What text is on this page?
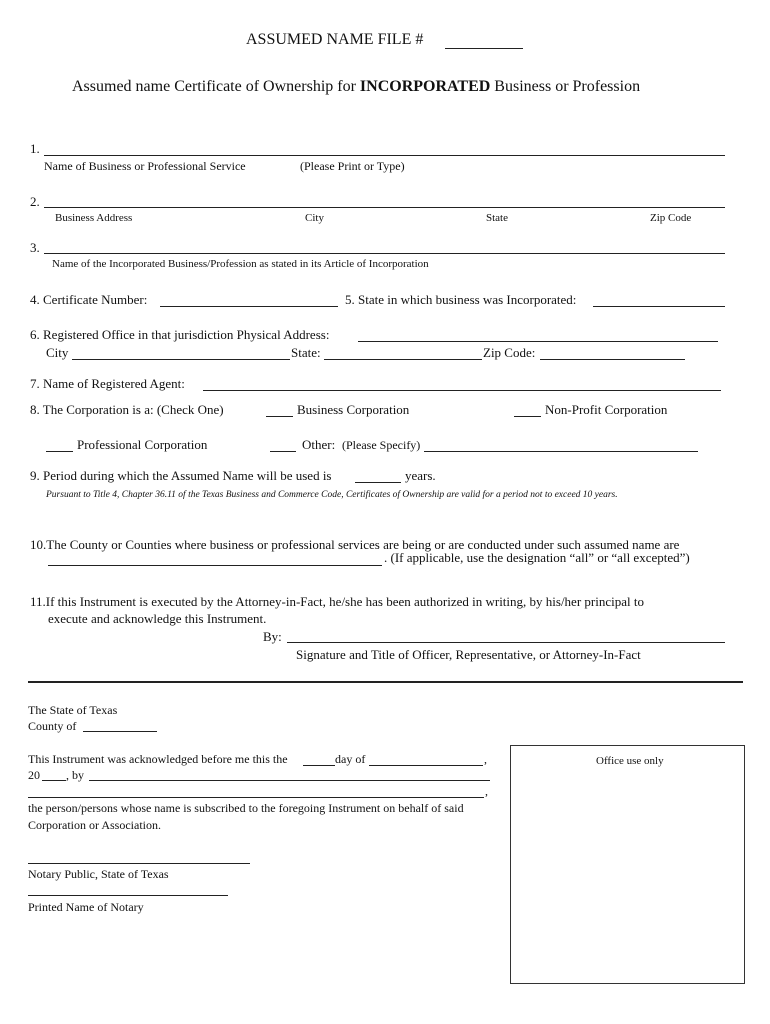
ASSUMED NAME FILE #
Assumed name Certificate of Ownership for INCORPORATED Business or Profession
1.
Name of Business or Professional Service	(Please Print or Type)
2.
Business Address	City	State	Zip Code
3.
Name of the Incorporated Business/Profession as stated in its Article of Incorporation
4. Certificate Number:	5. State in which business was Incorporated:
6. Registered Office in that jurisdiction Physical Address:
City	State:	Zip Code:
7. Name of Registered Agent:
8. The Corporation is a: (Check One)	Business Corporation	Non-Profit Corporation
Professional Corporation	Other: (Please Specify)
9. Period during which the Assumed Name will be used is	years.
Pursuant to Title 4, Chapter 36.11 of the Texas Business and Commerce Code, Certificates of Ownership are valid for a period not to exceed 10 years.
10.The County or Counties where business or professional services are being or are conducted under such assumed name are
. (If applicable, use the designation “all” or “all excepted”)
11.If this Instrument is executed by the Attorney-in-Fact, he/she has been authorized in writing, by his/her principal to
execute and acknowledge this Instrument.
By:
Signature and Title of Officer, Representative, or Attorney-In-Fact
The State of Texas
County of
This Instrument was acknowledged before me this the	day of	,
20 , by
,
the person/persons whose name is subscribed to the foregoing Instrument on behalf of said
Corporation or Association.
Notary Public, State of Texas
Printed Name of Notary
Office use only
